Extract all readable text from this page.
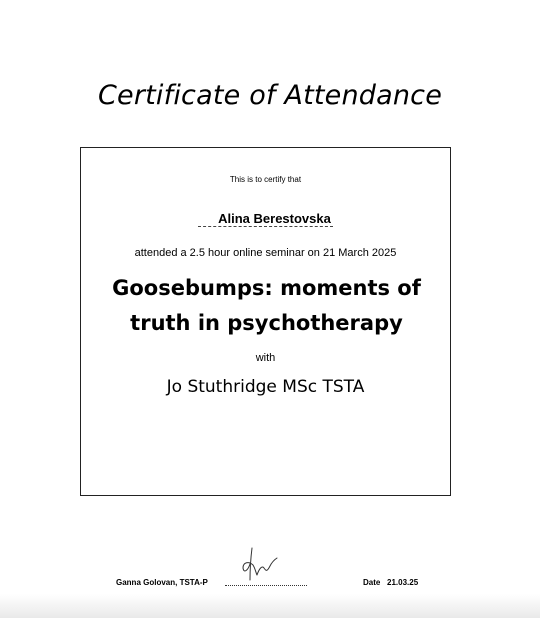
Certificate of Attendance
This is to certify that
Alina Berestovska
attended a 2.5 hour online seminar on 21 March 2025
Goosebumps: moments of truth in psychotherapy
with
Jo Stuthridge MSc TSTA
Ganna Golovan, TSTA-P	Date 21.03.25
